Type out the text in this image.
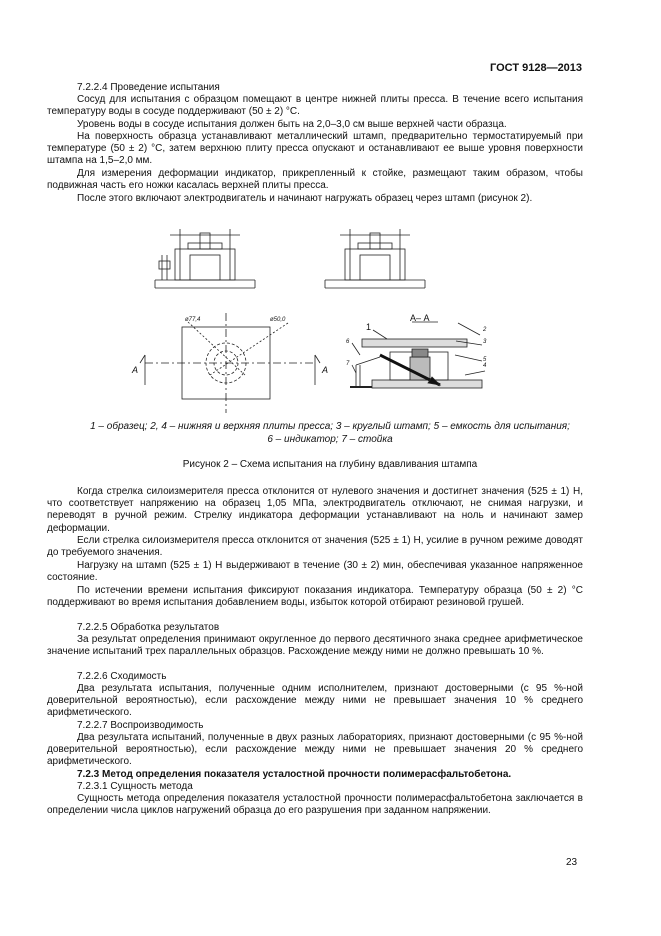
ГОСТ 9128—2013

7.2.2.4 Проведение испытания

Сосуд для испытания с образцом помещают в центре нижней плиты пресса. В течение всего испытания температуру воды в сосуде поддерживают (50 ± 2) °С.

Уровень воды в сосуде испытания должен быть на 2,0–3,0 см выше верхней части образца.

На поверхность образца устанавливают металлический штамп, предварительно термостатируемый при температуре (50 ± 2) °С, затем верхнюю плиту пресса опускают и останавливают ее выше уровня поверхности штампа на 1,5–2,0 мм.

Для измерения деформации индикатор, прикрепленный к стойке, размещают таким образом, чтобы подвижная часть его ножки касалась верхней плиты пресса.

После этого включают электродвигатель и начинают нагружать образец через штамп (рисунок 2).

А	А
ø77,4	ø50,0	А– А
1	2
3
4
5
6
7
1 – образец; 2, 4 – нижняя и верхняя плиты пресса; 3 – круглый штамп; 5 – емкость для испытания;
6 – индикатор; 7 – стойка
Рисунок 2 – Схема испытания на глубину вдавливания штампа

Когда стрелка силоизмерителя пресса отклонится от нулевого значения и достигнет значения (525 ± 1) Н, что соответствует напряжению на образец 1,05 МПа, электродвигатель отключают, не снимая нагрузки, и переводят в ручной режим. Стрелку индикатора деформации устанавливают на ноль и начинают замер деформации.

Если стрелка силоизмерителя пресса отклонится от значения (525 ± 1) Н, усилие в ручном режиме доводят до требуемого значения.

Нагрузку на штамп (525 ± 1) Н выдерживают в течение (30 ± 2) мин, обеспечивая указанное напряженное состояние.

По истечении времени испытания фиксируют показания индикатора. Температуру образца (50 ± 2) °С поддерживают во время испытания добавлением воды, избыток которой отбирают резиновой грушей.

7.2.2.5 Обработка результатов

За результат определения принимают округленное до первого десятичного знака среднее арифметическое значение испытаний трех параллельных образцов. Расхождение между ними не должно превышать 10 %.

7.2.2.6 Сходимость

Два результата испытания, полученные одним исполнителем, признают достоверными (с 95 %-ной доверительной вероятностью), если расхождение между ними не превышает значения 10 % среднего арифметического.

7.2.2.7 Воспроизводимость

Два результата испытаний, полученные в двух разных лабораториях, признают достоверными (с 95 %-ной доверительной вероятностью), если расхождение между ними не превышает значения 20 % среднего арифметического.

7.2.3 Метод определения показателя усталостной прочности полимерасфальтобетона.

7.2.3.1 Сущность метода

Сущность метода определения показателя усталостной прочности полимерасфальтобетона заключается в определении числа циклов нагружений образца до его разрушения при заданном напряжении.

23
